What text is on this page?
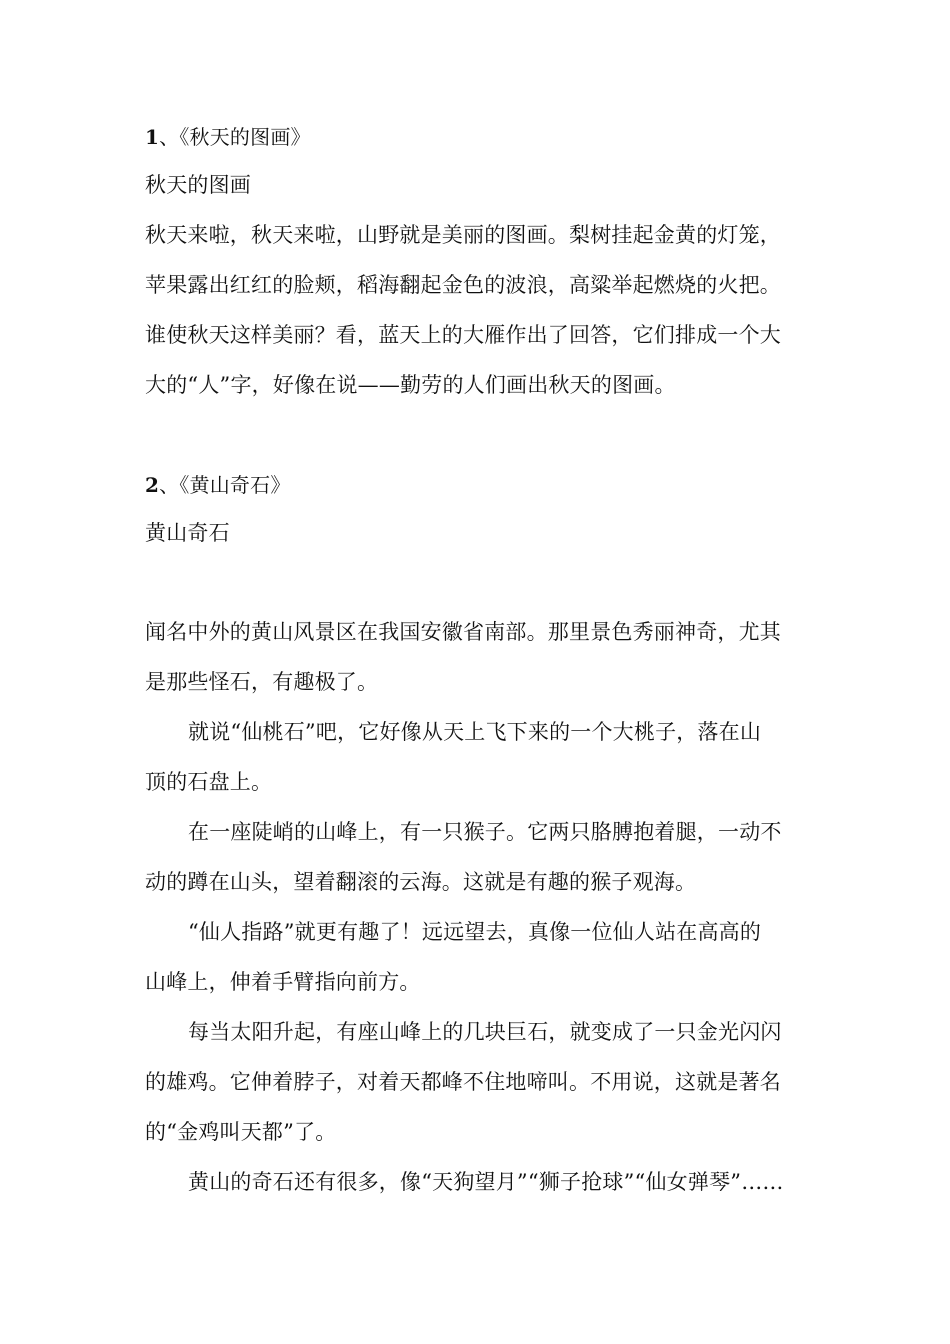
1、《秋天的图画》
秋天的图画
秋天来啦，秋天来啦，山野就是美丽的图画。梨树挂起金黄的灯笼，
苹果露出红红的脸颊，稻海翻起金色的波浪，高粱举起燃烧的火把。
谁使秋天这样美丽？看，蓝天上的大雁作出了回答，它们排成一个大
大的“人”字，好像在说——勤劳的人们画出秋天的图画。
2、《黄山奇石》
黄山奇石
闻名中外的黄山风景区在我国安徽省南部。那里景色秀丽神奇，尤其
是那些怪石，有趣极了。
就说“仙桃石”吧，它好像从天上飞下来的一个大桃子，落在山
顶的石盘上。
在一座陡峭的山峰上，有一只猴子。它两只胳膊抱着腿，一动不
动的蹲在山头，望着翻滚的云海。这就是有趣的猴子观海。
“仙人指路”就更有趣了！远远望去，真像一位仙人站在高高的
山峰上，伸着手臂指向前方。
每当太阳升起，有座山峰上的几块巨石，就变成了一只金光闪闪
的雄鸡。它伸着脖子，对着天都峰不住地啼叫。不用说，这就是著名
的“金鸡叫天都”了。
黄山的奇石还有很多，像“天狗望月”“狮子抢球”“仙女弹琴”……
